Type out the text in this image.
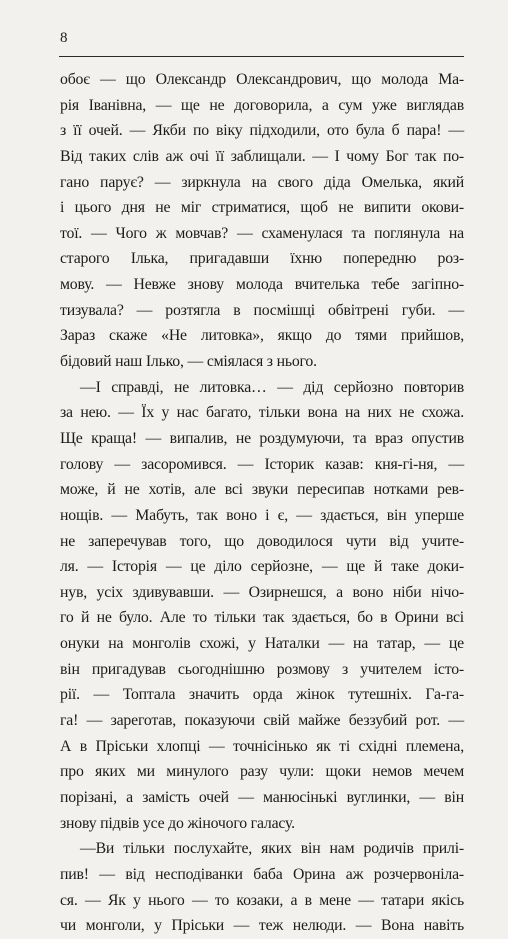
8
обоє — що Олександр Олександрович, що молода Ма-
рія Іванівна, — ще не договорила, а сум уже виглядав
з її очей. — Якби по віку підходили, ото була б пара! —
Від таких слів аж очі її заблищали. — І чому Бог так по-
гано парує? — зиркнула на свого діда Омелька, який
і цього дня не міг стриматися, щоб не випити окови-
тої. — Чого ж мовчав? — схаменулася та поглянула на
старого Ілька, пригадавши їхню попередню роз-
мову. — Невже знову молода вчителька тебе загіпно-
тизувала? — розтягла в посмішці обвітрені губи. —
Зараз скаже «Не литовка», якщо до тями прийшов,
бідовий наш Ілько, — сміялася з нього.
—І справді, не литовка… — дід серйозно повторив
за нею. — Їх у нас багато, тільки вона на них не схожа.
Ще краща! — випалив, не роздумуючи, та враз опустив
голову — засоромився. — Історик казав: кня-гі-ня, —
може, й не хотів, але всі звуки пересипав нотками рев-
нощів. — Мабуть, так воно і є, — здається, він уперше
не заперечував того, що доводилося чути від учите-
ля. — Історія — це діло серйозне, — ще й таке доки-
нув, усіх здивувавши. — Озирнешся, а воно ніби нічо-
го й не було. Але то тільки так здається, бо в Орини всі
онуки на монголів схожі, у Наталки — на татар, — це
він пригадував сьогоднішню розмову з учителем істо-
рії. — Топтала значить орда жінок тутешніх. Га-га-
га! — зареготав, показуючи свій майже беззубий рот. —
А в Пріськи хлопці — точнісінько як ті східні племена,
про яких ми минулого разу чули: щоки немов мечем
порізані, а замість очей — манюсінькі вуглинки, — він
знову підвів усе до жіночого галасу.
—Ви тільки послухайте, яких він нам родичів прилі-
пив! — від несподіванки баба Орина аж розчервоніла-
ся. — Як у нього — то козаки, а в мене — татари якісь
чи монголи, у Пріськи — теж нелюди. — Вона навіть
